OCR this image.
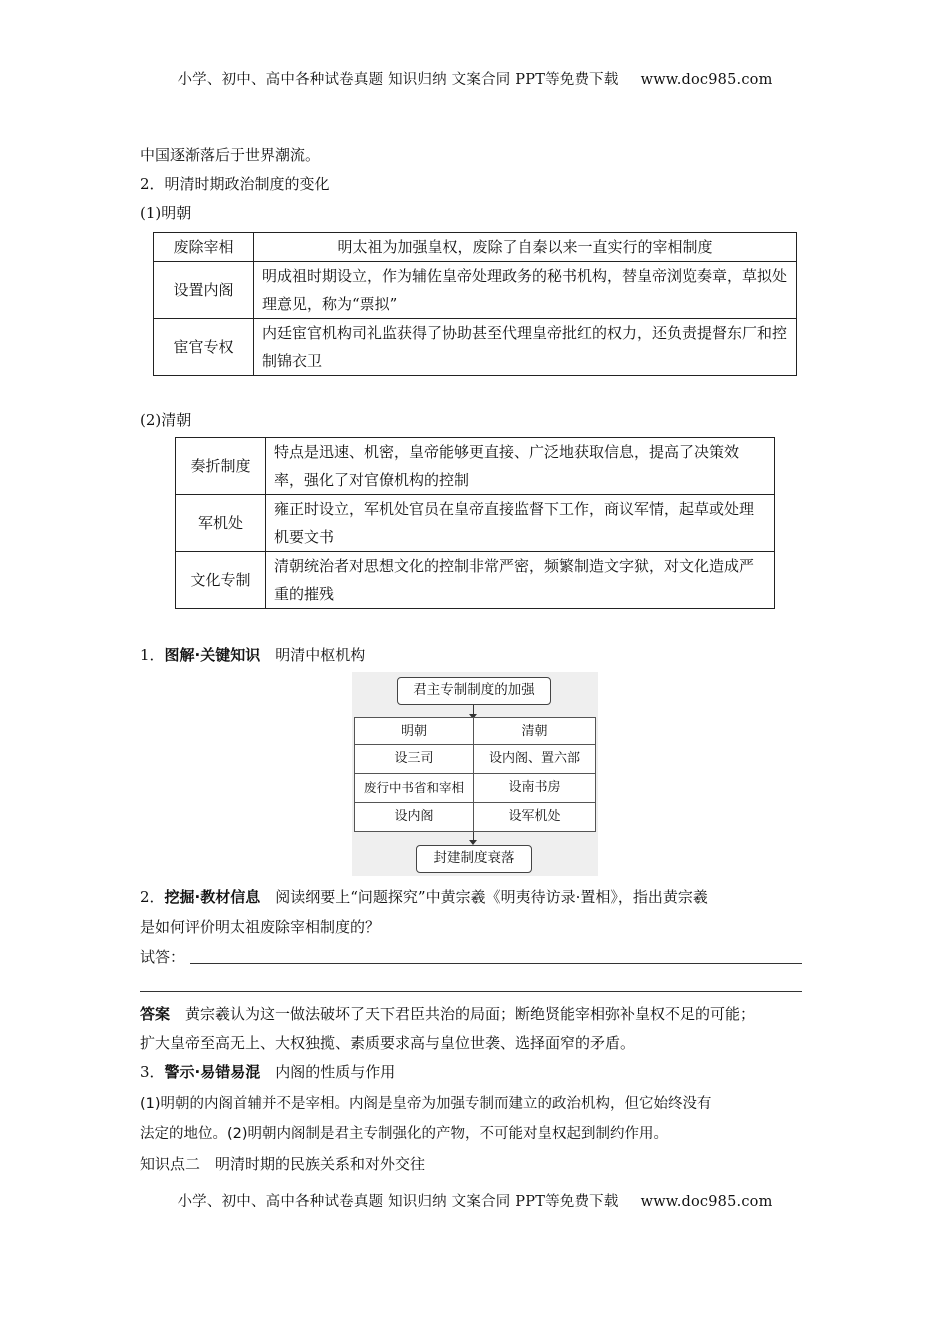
小学、初中、高中各种试卷真题 知识归纳 文案合同 PPT等免费下载 www.doc985.com
中国逐渐落后于世界潮流。
2．明清时期政治制度的变化
(1)明朝
废除宰相	明太祖为加强皇权，废除了自秦以来一直实行的宰相制度
设置内阁	明成祖时期设立，作为辅佐皇帝处理政务的秘书机构，替皇帝浏览奏章，草拟处理意见，称为“票拟”
宦官专权	内廷宦官机构司礼监获得了协助甚至代理皇帝批红的权力，还负责提督东厂和控制锦衣卫
(2)清朝
奏折制度	特点是迅速、机密，皇帝能够更直接、广泛地获取信息，提高了决策效率，强化了对官僚机构的控制
军机处	雍正时设立，军机处官员在皇帝直接监督下工作，商议军情，起草或处理机要文书
文化专制	清朝统治者对思想文化的控制非常严密，频繁制造文字狱，对文化造成严重的摧残
1．图解·关键知识　 明清中枢机构
君主专制制度的加强
明朝	清朝
设三司	设内阁、置六部
废行中书省和宰相	设南书房
设内阁	设军机处
封建制度衰落
2．挖掘·教材信息　 阅读纲要上“问题探究”中黄宗羲《明夷待访录·置相》，指出黄宗羲
是如何评价明太祖废除宰相制度的？
试答：
答案　 黄宗羲认为这一做法破坏了天下君臣共治的局面；断绝贤能宰相弥补皇权不足的可能；
扩大皇帝至高无上、大权独揽、素质要求高与皇位世袭、选择面窄的矛盾。
3．警示·易错易混　 内阁的性质与作用
(1)明朝的内阁首辅并不是宰相。内阁是皇帝为加强专制而建立的政治机构，但它始终没有
法定的地位。(2)明朝内阁制是君主专制强化的产物，不可能对皇权起到制约作用。
知识点二　明清时期的民族关系和对外交往
小学、初中、高中各种试卷真题 知识归纳 文案合同 PPT等免费下载 www.doc985.com
